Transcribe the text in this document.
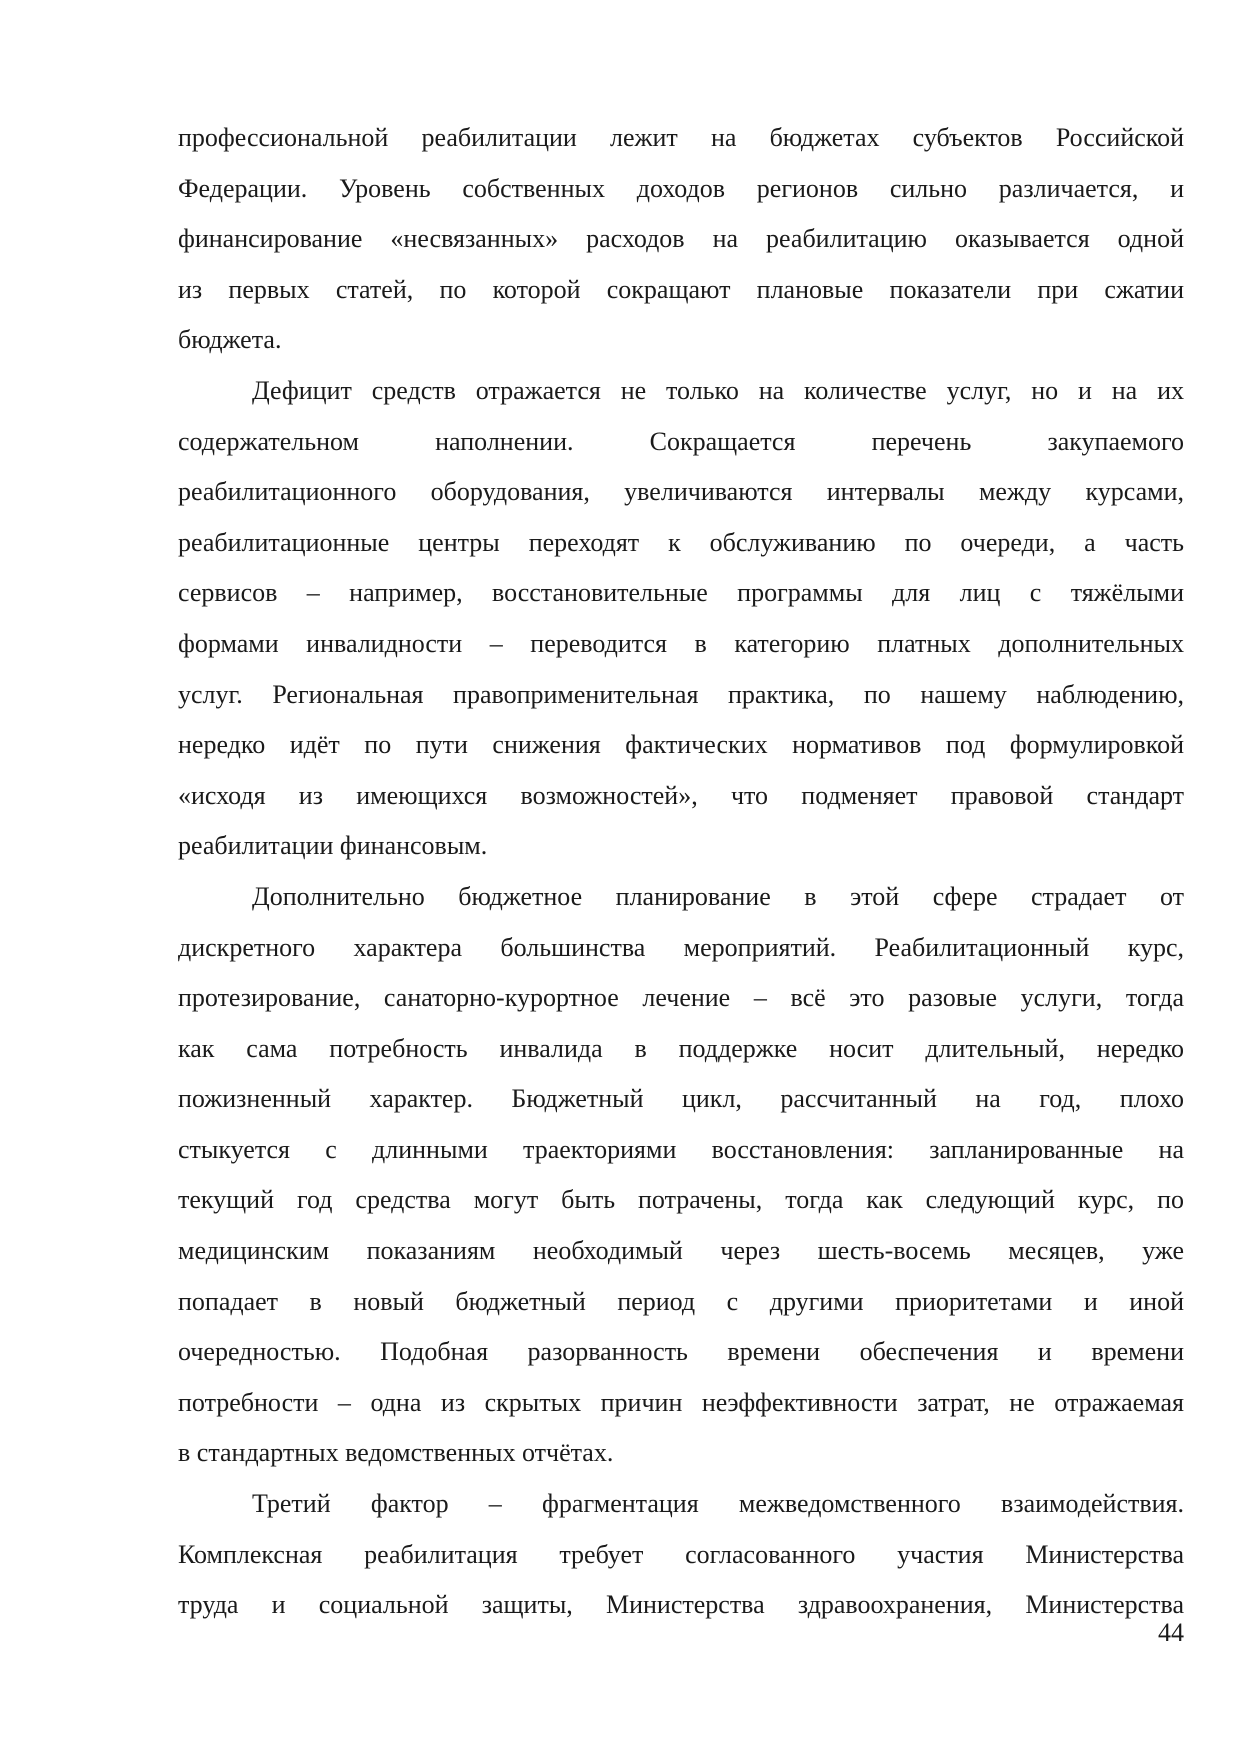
профессиональной реабилитации лежит на бюджетах субъектов Российской
Федерации. Уровень собственных доходов регионов сильно различается, и
финансирование «несвязанных» расходов на реабилитацию оказывается одной
из первых статей, по которой сокращают плановые показатели при сжатии
бюджета.
Дефицит средств отражается не только на количестве услуг, но и на их
содержательном наполнении. Сокращается перечень закупаемого
реабилитационного оборудования, увеличиваются интервалы между курсами,
реабилитационные центры переходят к обслуживанию по очереди, а часть
сервисов – например, восстановительные программы для лиц с тяжёлыми
формами инвалидности – переводится в категорию платных дополнительных
услуг. Региональная правоприменительная практика, по нашему наблюдению,
нередко идёт по пути снижения фактических нормативов под формулировкой
«исходя из имеющихся возможностей», что подменяет правовой стандарт
реабилитации финансовым.
Дополнительно бюджетное планирование в этой сфере страдает от
дискретного характера большинства мероприятий. Реабилитационный курс,
протезирование, санаторно-курортное лечение – всё это разовые услуги, тогда
как сама потребность инвалида в поддержке носит длительный, нередко
пожизненный характер. Бюджетный цикл, рассчитанный на год, плохо
стыкуется с длинными траекториями восстановления: запланированные на
текущий год средства могут быть потрачены, тогда как следующий курс, по
медицинским показаниям необходимый через шесть-восемь месяцев, уже
попадает в новый бюджетный период с другими приоритетами и иной
очередностью. Подобная разорванность времени обеспечения и времени
потребности – одна из скрытых причин неэффективности затрат, не отражаемая
в стандартных ведомственных отчётах.
Третий фактор – фрагментация межведомственного взаимодействия.
Комплексная реабилитация требует согласованного участия Министерства
труда и социальной защиты, Министерства здравоохранения, Министерства
44
